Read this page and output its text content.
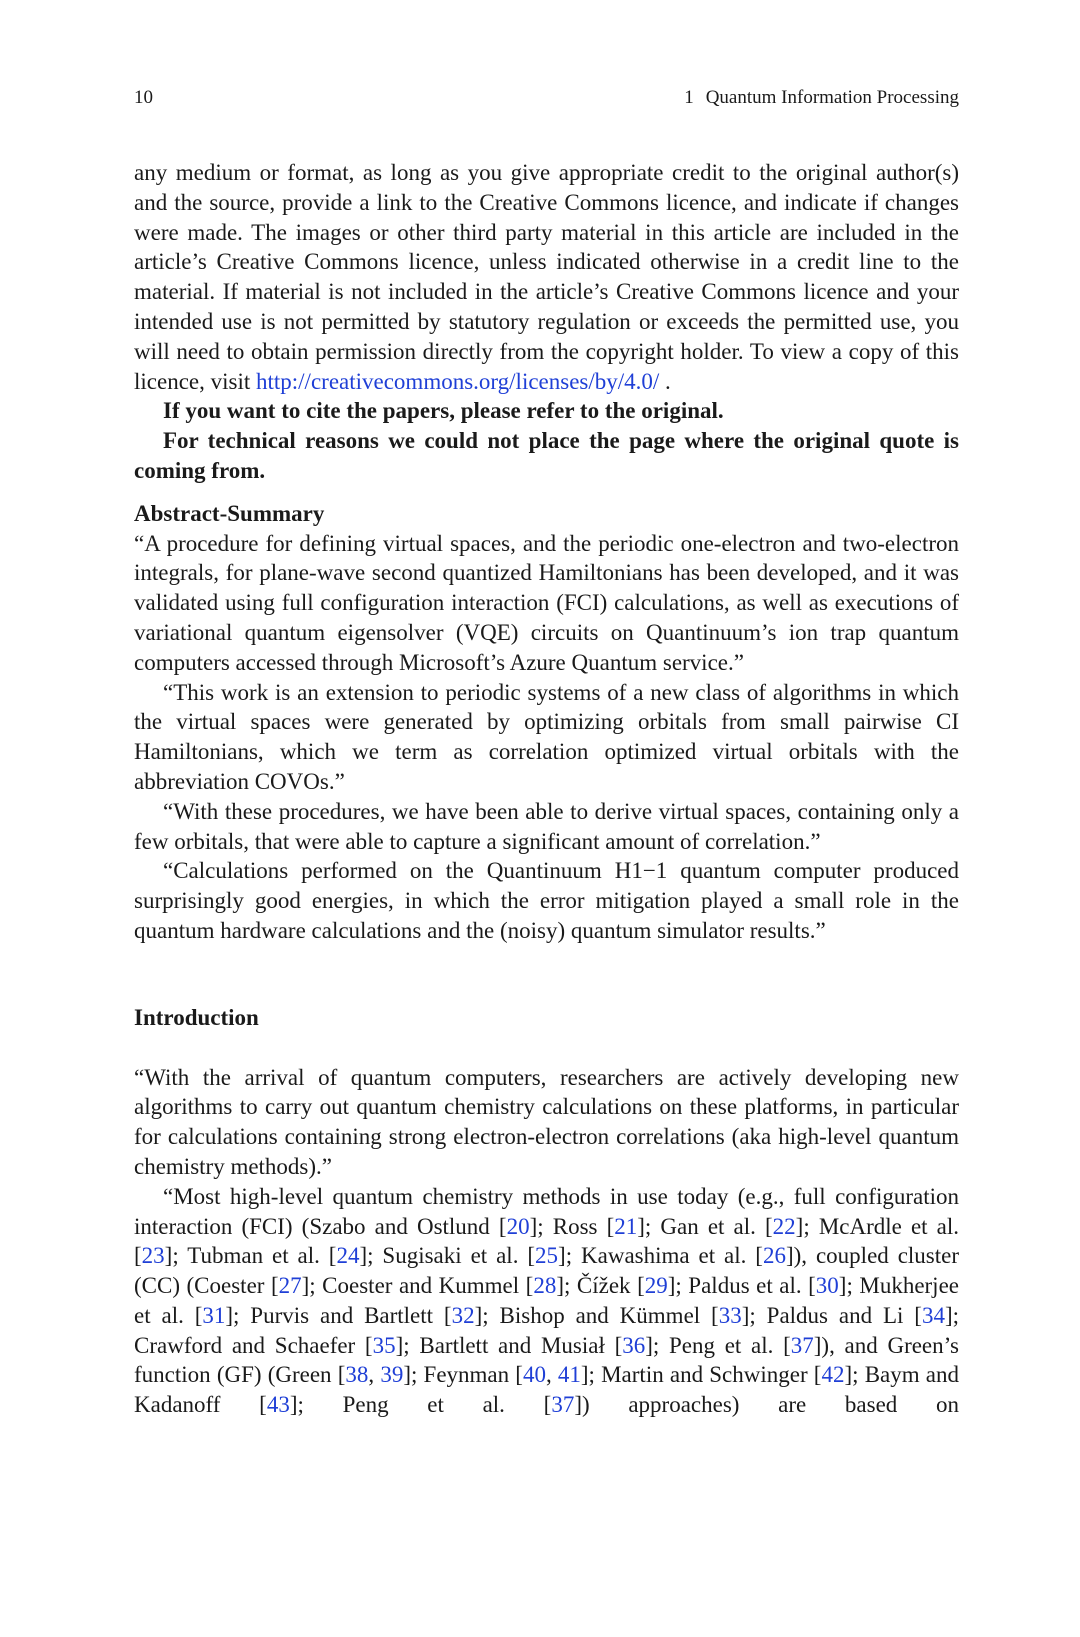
10	1 Quantum Information Processing

any medium or format, as long as you give appropriate credit to the original author(s) and the source, provide a link to the Creative Commons licence, and indicate if changes were made. The images or other third party material in this article are included in the article’s Creative Commons licence, unless indicated otherwise in a credit line to the material. If material is not included in the article’s Creative Commons licence and your intended use is not permitted by statutory regulation or exceeds the permitted use, you will need to obtain permission directly from the copyright holder. To view a copy of this licence, visit http://creativecommons.org/licenses/by/4.0/ .

If you want to cite the papers, please refer to the original.

For technical reasons we could not place the page where the original quote is coming from.

Abstract-Summary

“A procedure for defining virtual spaces, and the periodic one-electron and two-electron integrals, for plane-wave second quantized Hamiltonians has been developed, and it was validated using full configuration interaction (FCI) calculations, as well as executions of variational quantum eigensolver (VQE) circuits on Quantinuum’s ion trap quantum computers accessed through Microsoft’s Azure Quantum service.”

“This work is an extension to periodic systems of a new class of algorithms in which the virtual spaces were generated by optimizing orbitals from small pairwise CI Hamiltonians, which we term as correlation optimized virtual orbitals with the abbreviation COVOs.”

“With these procedures, we have been able to derive virtual spaces, containing only a few orbitals, that were able to capture a significant amount of correlation.”

“Calculations performed on the Quantinuum H1−1 quantum computer produced surprisingly good energies, in which the error mitigation played a small role in the quantum hardware calculations and the (noisy) quantum simulator results.”

Introduction

“With the arrival of quantum computers, researchers are actively developing new algorithms to carry out quantum chemistry calculations on these platforms, in particular for calculations containing strong electron-electron correlations (aka high-level quantum chemistry methods).”

“Most high-level quantum chemistry methods in use today (e.g., full configuration interaction (FCI) (Szabo and Ostlund [20]; Ross [21]; Gan et al. [22]; McArdle et al. [23]; Tubman et al. [24]; Sugisaki et al. [25]; Kawashima et al. [26]), coupled cluster (CC) (Coester [27]; Coester and Kummel [28]; Čížek [29]; Paldus et al. [30]; Mukherjee et al. [31]; Purvis and Bartlett [32]; Bishop and Kümmel [33]; Paldus and Li [34]; Crawford and Schaefer [35]; Bartlett and Musiał [36]; Peng et al. [37]), and Green’s function (GF) (Green [38, 39]; Feynman [40, 41]; Martin and Schwinger [42]; Baym and Kadanoff [43]; Peng et al. [37]) approaches) are based on
